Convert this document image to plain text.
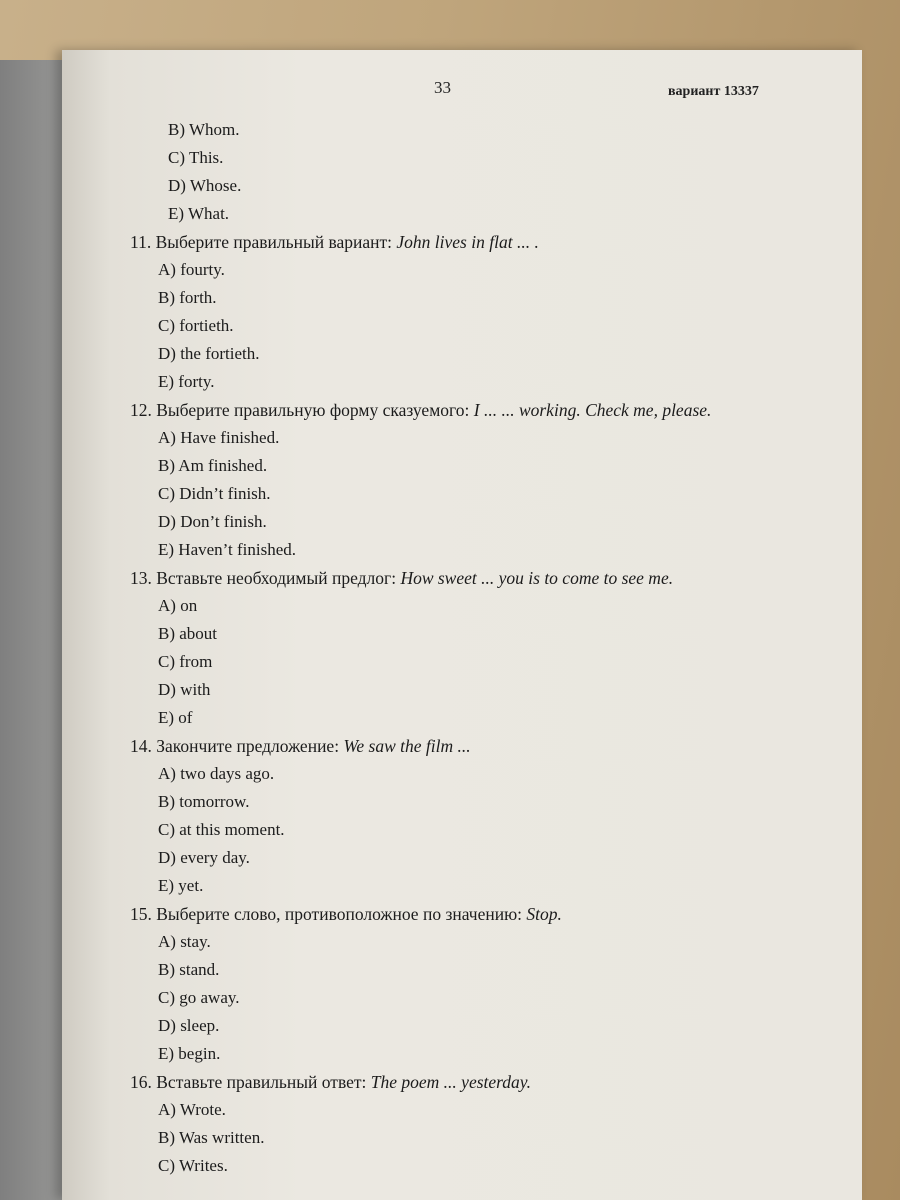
33	вариант 13337
B) Whom.
C) This.
D) Whose.
E) What.
11. Выберите правильный вариант: John lives in flat ... .
A) fourty.
B) forth.
C) fortieth.
D) the fortieth.
E) forty.
12. Выберите правильную форму сказуемого: I ... ... working. Check me, please.
A) Have finished.
B) Am finished.
C) Didn’t finish.
D) Don’t finish.
E) Haven’t finished.
13. Вставьте необходимый предлог: How sweet ... you is to come to see me.
A) on
B) about
C) from
D) with
E) of
14. Закончите предложение: We saw the film ...
A) two days ago.
B) tomorrow.
C) at this moment.
D) every day.
E) yet.
15. Выберите слово, противоположное по значению: Stop.
A) stay.
B) stand.
C) go away.
D) sleep.
E) begin.
16. Вставьте правильный ответ: The poem ... yesterday.
A) Wrote.
B) Was written.
C) Writes.
